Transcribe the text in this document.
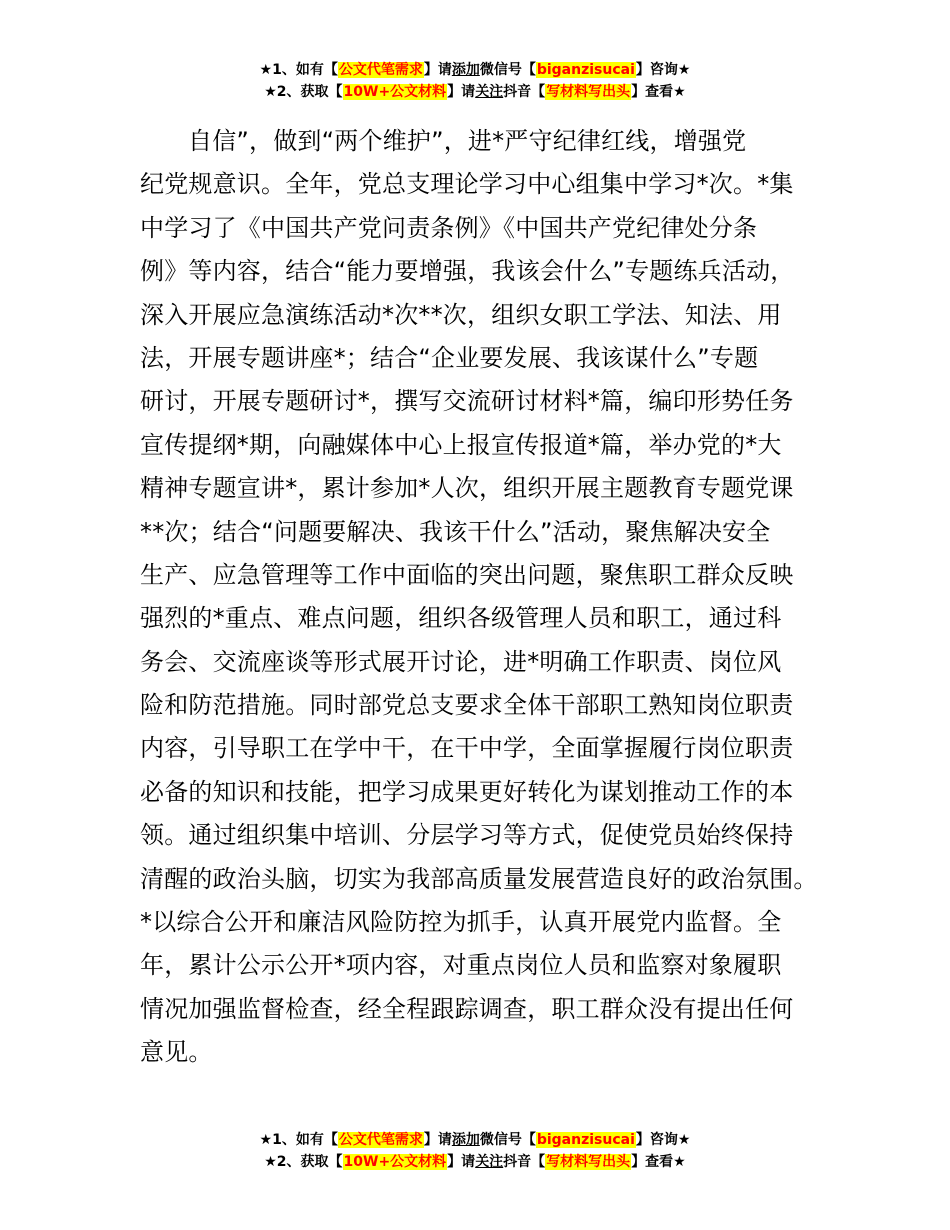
★1、如有【公文代笔需求】请添加微信号【biganzisucai】咨询★
★2、获取【10W+公文材料】请关注抖音【写材料写出头】查看★
自信”，做到“两个维护”，进*严守纪律红线，增强党
纪党规意识。全年，党总支理论学习中心组集中学习*次。*集
中学习了《中国共产党问责条例》《中国共产党纪律处分条
例》等内容，结合“能力要增强，我该会什么”专题练兵活动，
深入开展应急演练活动*次**次，组织女职工学法、知法、用
法，开展专题讲座*；结合“企业要发展、我该谋什么”专题
研讨，开展专题研讨*，撰写交流研讨材料*篇，编印形势任务
宣传提纲*期，向融媒体中心上报宣传报道*篇，举办党的*大
精神专题宣讲*，累计参加*人次，组织开展主题教育专题党课
**次；结合“问题要解决、我该干什么”活动，聚焦解决安全
生产、应急管理等工作中面临的突出问题，聚焦职工群众反映
强烈的*重点、难点问题，组织各级管理人员和职工，通过科
务会、交流座谈等形式展开讨论，进*明确工作职责、岗位风
险和防范措施。同时部党总支要求全体干部职工熟知岗位职责
内容，引导职工在学中干，在干中学，全面掌握履行岗位职责
必备的知识和技能，把学习成果更好转化为谋划推动工作的本
领。通过组织集中培训、分层学习等方式，促使党员始终保持
清醒的政治头脑，切实为我部高质量发展营造良好的政治氛围。
*以综合公开和廉洁风险防控为抓手，认真开展党内监督。全
年，累计公示公开*项内容，对重点岗位人员和监察对象履职
情况加强监督检查，经全程跟踪调查，职工群众没有提出任何
意见。
★1、如有【公文代笔需求】请添加微信号【biganzisucai】咨询★
★2、获取【10W+公文材料】请关注抖音【写材料写出头】查看★
